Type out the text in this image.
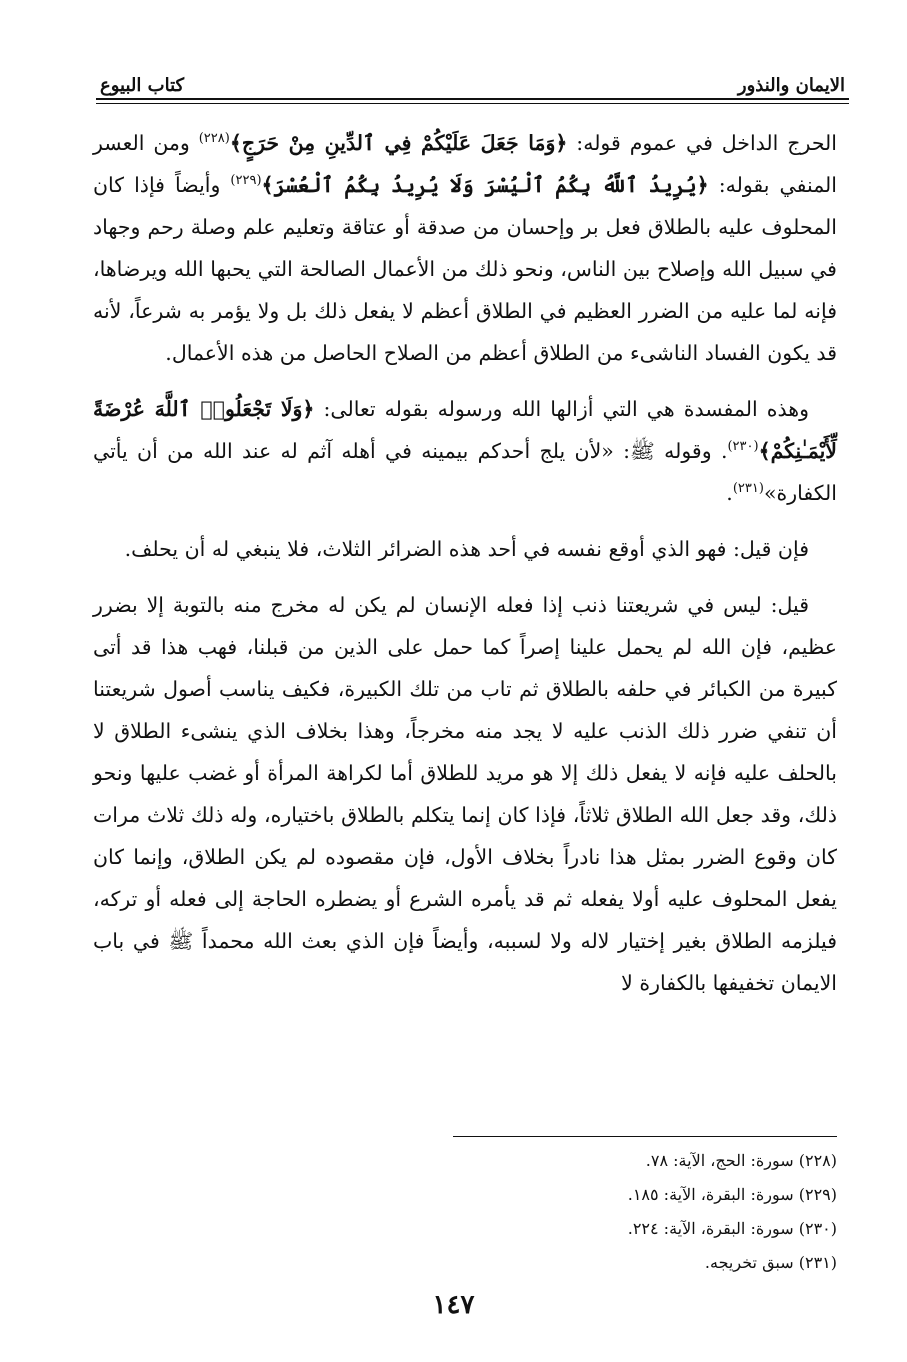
الايمان والنذور
كتاب البيوع

الحرج الداخل في عموم قوله: ﴿وَمَا جَعَلَ عَلَيْكُمْ فِي ٱلدِّينِ مِنْ حَرَجٍ﴾$^{(٢٢٨)}$ ومن العسر المنفي بقوله: ﴿يُرِيدُ ٱللَّهُ بِكُمُ ٱلْيُسْرَ وَلَا يُرِيدُ بِكُمُ ٱلْعُسْرَ﴾$^{(٢٢٩)}$ وأيضاً فإذا كان المحلوف عليه بالطلاق فعل بر وإحسان من صدقة أو عتاقة وتعليم علم وصلة رحم وجهاد في سبيل الله وإصلاح بين الناس، ونحو ذلك من الأعمال الصالحة التي يحبها الله ويرضاها، فإنه لما عليه من الضرر العظيم في الطلاق أعظم لا يفعل ذلك بل ولا يؤمر به شرعاً، لأنه قد يكون الفساد الناشىء من الطلاق أعظم من الصلاح الحاصل من هذه الأعمال.

وهذه المفسدة هي التي أزالها الله ورسوله بقوله تعالى: ﴿وَلَا تَجْعَلُوا۟ ٱللَّهَ عُرْضَةً لِّأَيْمَـٰنِكُمْ﴾$^{(٢٣٠)}$. وقوله ﷺ: «لأن يلج أحدكم بيمينه في أهله آثم له عند الله من أن يأتي الكفارة»$^{(٢٣١)}$.

فإن قيل: فهو الذي أوقع نفسه في أحد هذه الضرائر الثلاث، فلا ينبغي له أن يحلف.

قيل: ليس في شريعتنا ذنب إذا فعله الإنسان لم يكن له مخرج منه بالتوبة إلا بضرر عظيم، فإن الله لم يحمل علينا إصراً كما حمل على الذين من قبلنا، فهب هذا قد أتى كبيرة من الكبائر في حلفه بالطلاق ثم تاب من تلك الكبيرة، فكيف يناسب أصول شريعتنا أن تنفي ضرر ذلك الذنب عليه لا يجد منه مخرجاً، وهذا بخلاف الذي ينشىء الطلاق لا بالحلف عليه فإنه لا يفعل ذلك إلا هو مريد للطلاق أما لكراهة المرأة أو غضب عليها ونحو ذلك، وقد جعل الله الطلاق ثلاثاً، فإذا كان إنما يتكلم بالطلاق باختياره، وله ذلك ثلاث مرات كان وقوع الضرر بمثل هذا نادراً بخلاف الأول، فإن مقصوده لم يكن الطلاق، وإنما كان يفعل المحلوف عليه أولا يفعله ثم قد يأمره الشرع أو يضطره الحاجة إلى فعله أو تركه، فيلزمه الطلاق بغير إختيار لاله ولا لسببه، وأيضاً فإن الذي بعث الله محمداً ﷺ في باب الايمان تخفيفها بالكفارة لا

(٢٢٨) سورة: الحج، الآية: ٧٨.
(٢٢٩) سورة: البقرة، الآية: ١٨٥.
(٢٣٠) سورة: البقرة، الآية: ٢٢٤.
(٢٣١) سبق تخريجه.
١٤٧
